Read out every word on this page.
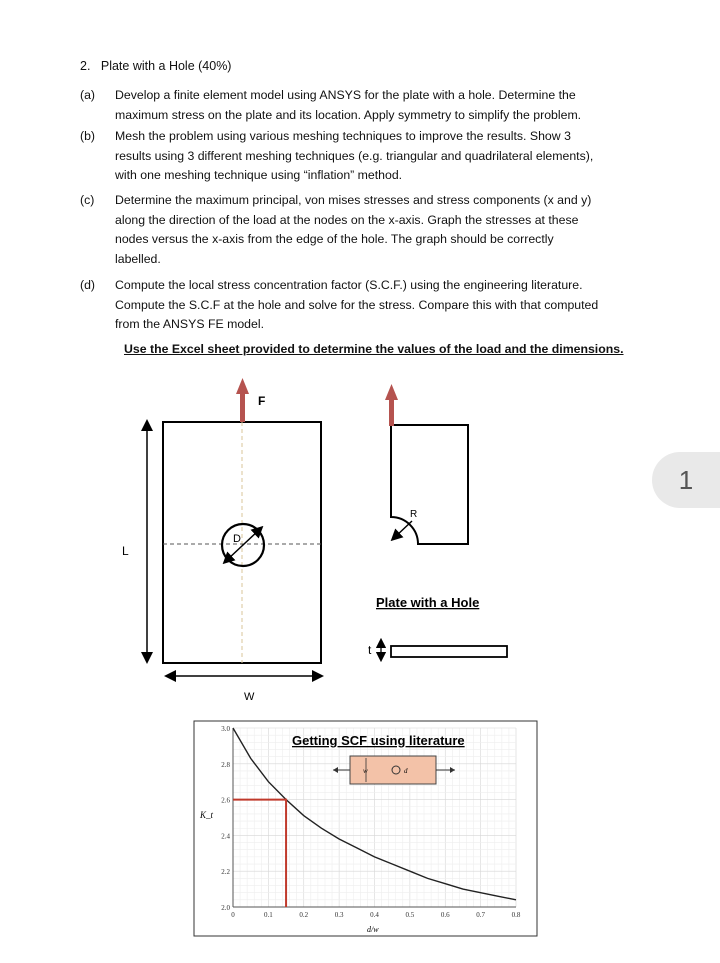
2. Plate with a Hole (40%)
(a) Develop a finite element model using ANSYS for the plate with a hole. Determine the
maximum stress on the plate and its location. Apply symmetry to simplify the problem.
(b) Mesh the problem using various meshing techniques to improve the results. Show 3
results using 3 different meshing techniques (e.g. triangular and quadrilateral elements),
with one meshing technique using “inflation” method.
(c) Determine the maximum principal, von mises stresses and stress components (x and y)
along the direction of the load at the nodes on the x-axis. Graph the stresses at these
nodes versus the x-axis from the edge of the hole. The graph should be correctly
labelled.
(d) Compute the local stress concentration factor (S.C.F.) using the engineering literature.
Compute the S.C.F at the hole and solve for the stress. Compare this with that computed
from the ANSYS FE model.
Use the Excel sheet provided to determine the values of the load and the dimensions.
1
D
F
L
W
R
Plate with a Hole
t
0	0.1	0.2	0.3	0.4	0.5	0.6	0.7	0.8
2.0
2.2
2.4
2.6
2.8
3.0
Getting SCF using literature
K_t
d/w
w	d
